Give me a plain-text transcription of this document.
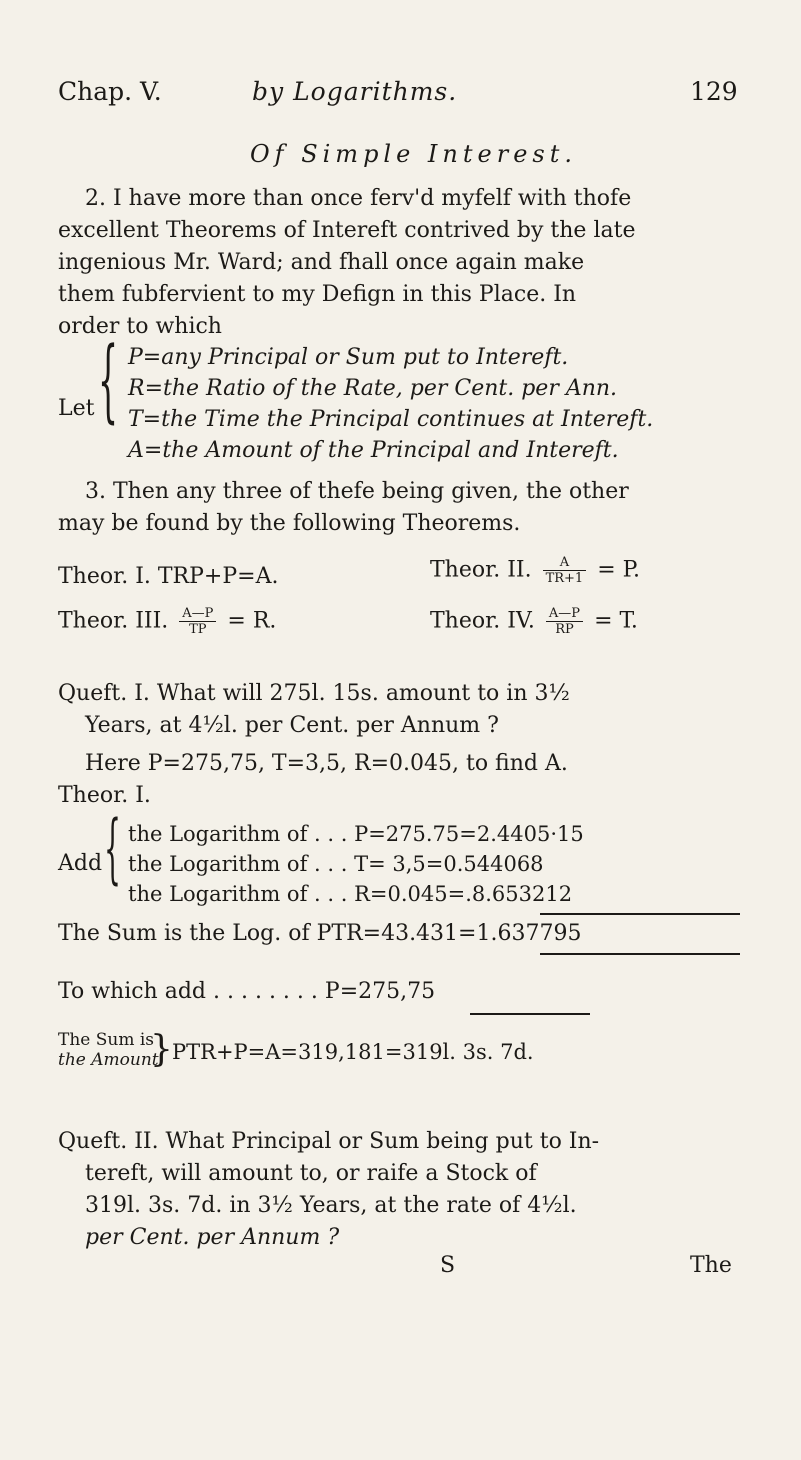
Chap. V.	by Logarithms.	129
Of Simple Interest.
2. I have more than once ferv'd myfelf with thofe
excellent Theorems of Intereft contrived by the late
ingenious Mr. Ward; and fhall once again make
them fubfervient to my Defign in this Place. In
order to which
Let { P=any Principal or Sum put to Intereft.
R=the Ratio of the Rate, per Cent. per Ann.
T=the Time the Principal continues at Intereft.
A=the Amount of the Principal and Intereft.
3. Then any three of thefe being given, the other
may be found by the following Theorems.
Theor. I. TRP+P=A.	Theor. II. $\frac{A}{TR+1} = P$.
Theor. III. $\frac{A—P}{TP} = R$.	Theor. IV. $\frac{A—P}{RP} = T$.
Queft. I. What will 275l. 15s. amount to in 3½
Years, at 4½l. per Cent. per Annum ?
Here P=275,75, T=3,5, R=0.045, to find A.
Theor. I.
Add { the Logarithm of . . . P=275.75=2.4405·15
the Logarithm of . . . T= 3,5=0.544068
the Logarithm of . . . R=0.045=.8.653212
The Sum is the Log. of PTR=43.431=1.637795
To which add . . . . . . . . P=275,75
The Sum is
the Amount
} PTR+P=A=319,181=319l. 3s. 7d.
Queft. II. What Principal or Sum being put to In-
tereft, will amount to, or raife a Stock of
319l. 3s. 7d. in 3½ Years, at the rate of 4½l.
per Cent. per Annum ?
S	The
